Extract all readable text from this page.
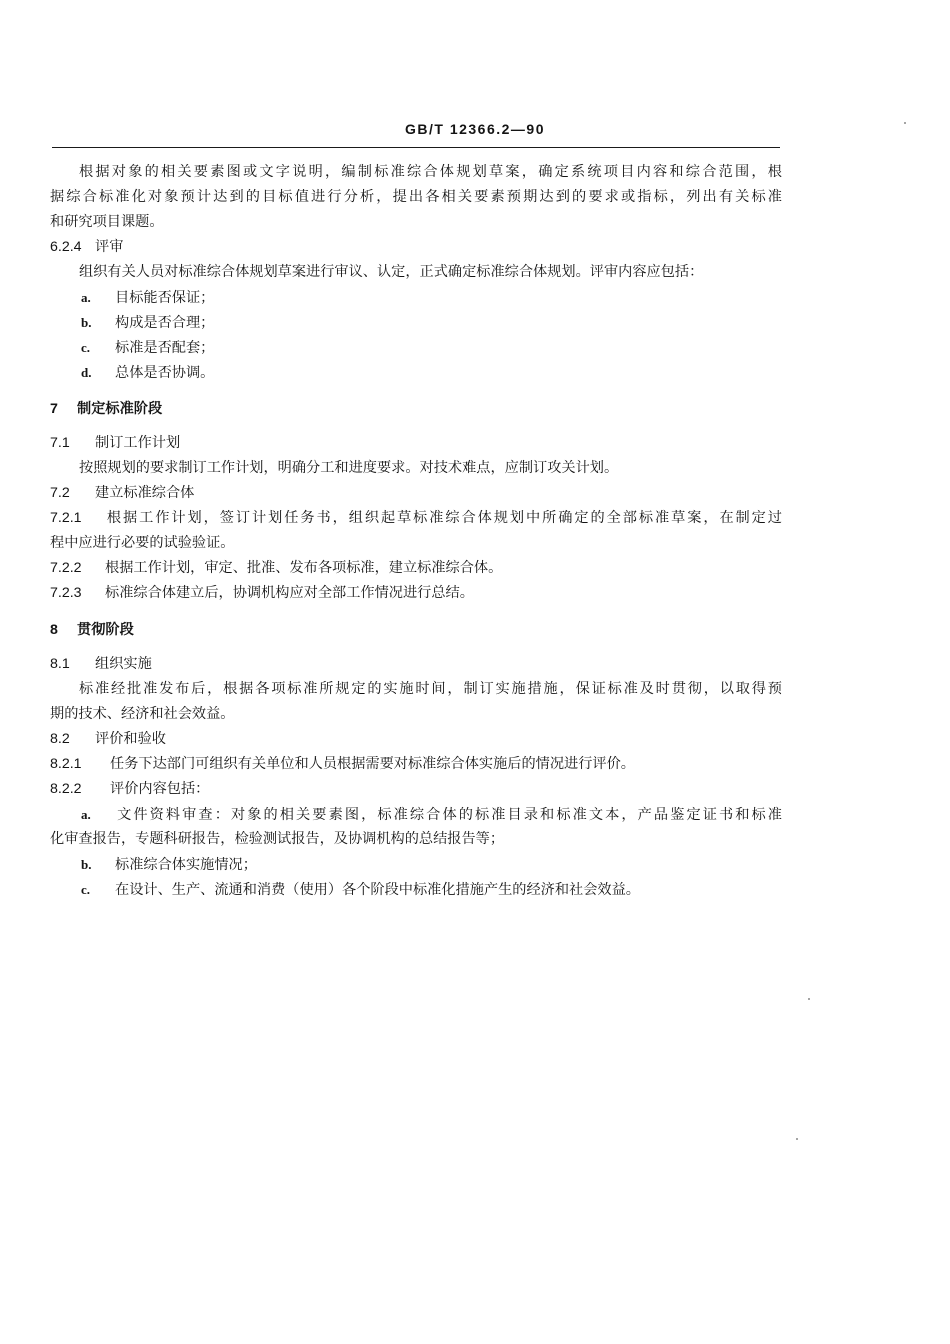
GB/T 12366.2—90
根据对象的相关要素图或文字说明，编制标准综合体规划草案，确定系统项目内容和综合范围，根
据综合标准化对象预计达到的目标值进行分析，提出各相关要素预期达到的要求或指标，列出有关标准
和研究项目课题。
6.2.4 评审
组织有关人员对标准综合体规划草案进行审议、认定，正式确定标准综合体规划。评审内容应包括：
a. 目标能否保证；
b. 构成是否合理；
c. 标准是否配套；
d. 总体是否协调。
7 制定标准阶段
7.1 制订工作计划
按照规划的要求制订工作计划，明确分工和进度要求。对技术难点，应制订攻关计划。
7.2 建立标准综合体
7.2.1 根据工作计划，签订计划任务书，组织起草标准综合体规划中所确定的全部标准草案，在制定过
程中应进行必要的试验验证。
7.2.2 根据工作计划，审定、批准、发布各项标准，建立标准综合体。
7.2.3 标准综合体建立后，协调机构应对全部工作情况进行总结。
8 贯彻阶段
8.1 组织实施
标准经批准发布后，根据各项标准所规定的实施时间，制订实施措施，保证标准及时贯彻，以取得预
期的技术、经济和社会效益。
8.2 评价和验收
8.2.1 任务下达部门可组织有关单位和人员根据需要对标准综合体实施后的情况进行评价。
8.2.2 评价内容包括：
a. 文件资料审查：对象的相关要素图，标准综合体的标准目录和标准文本，产品鉴定证书和标准
化审查报告，专题科研报告，检验测试报告，及协调机构的总结报告等；
b. 标准综合体实施情况；
c. 在设计、生产、流通和消费（使用）各个阶段中标准化措施产生的经济和社会效益。
